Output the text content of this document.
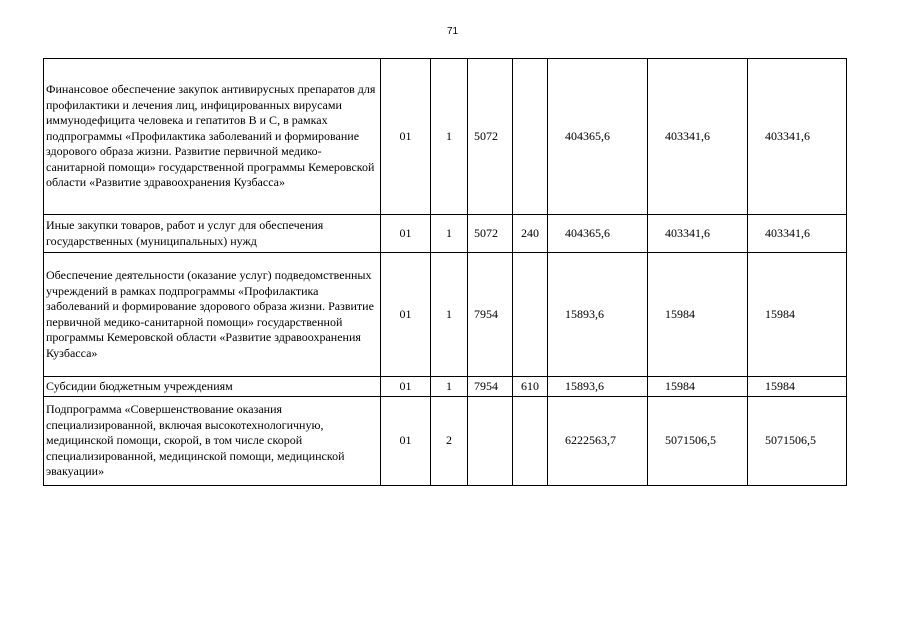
71
Финансовое обеспечение закупок антивирусных препаратов для профилактики и лечения лиц, инфицированных вирусами иммунодефицита человека и гепатитов B и C, в рамках подпрограммы «Профилактика заболеваний и формирование здорового образа жизни. Развитие первичной медико-санитарной помощи» государственной программы Кемеровской области «Развитие здравоохранения Кузбасса»	01	1	5072		404365,6	403341,6	403341,6
Иные закупки товаров, работ и услуг для обеспечения государственных (муниципальных) нужд	01	1	5072	240	404365,6	403341,6	403341,6
Обеспечение деятельности (оказание услуг) подведомственных учреждений в рамках подпрограммы «Профилактика заболеваний и формирование здорового образа жизни. Развитие первичной медико-санитарной помощи» государственной программы Кемеровской области «Развитие здравоохранения Кузбасса»	01	1	7954		15893,6	15984	15984
Субсидии бюджетным учреждениям	01	1	7954	610	15893,6	15984	15984
Подпрограмма «Совершенствование оказания специализированной, включая высокотехнологичную, медицинской помощи, скорой, в том числе скорой специализированной, медицинской помощи, медицинской эвакуации»	01	2			6222563,7	5071506,5	5071506,5
